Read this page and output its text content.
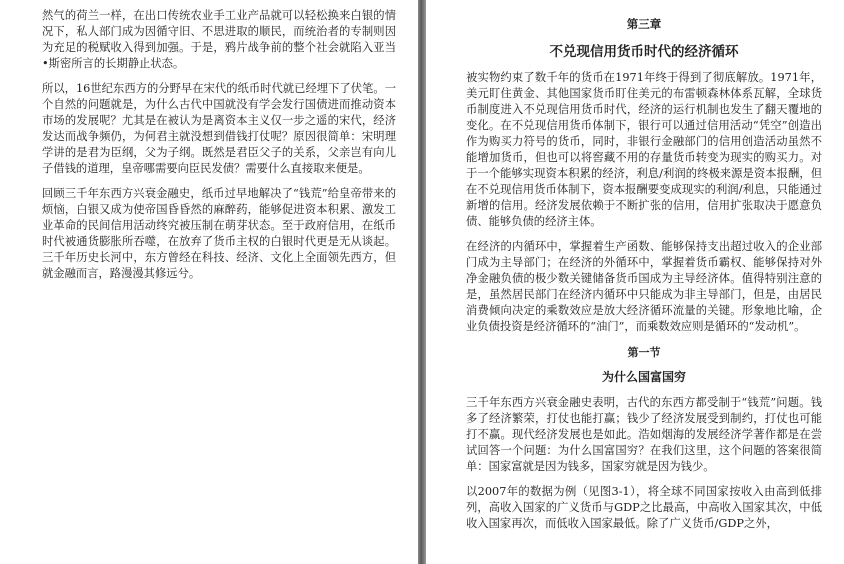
然气的荷兰一样，在出口传统农业手工业产品就可以轻松换来白银的情况下，私人部门成为因循守旧、不思进取的顺民，而统治者的专制则因为充足的税赋收入得到加强。于是，鸦片战争前的整个社会就陷入亚当•斯密所言的长期静止状态。

所以，16世纪东西方的分野早在宋代的纸币时代就已经埋下了伏笔。一个自然的问题就是，为什么古代中国就没有学会发行国债进而推动资本市场的发展呢？尤其是在被认为是离资本主义仅一步之遥的宋代，经济发达而战争频仍，为何君主就没想到借钱打仗呢？原因很简单：宋明理学讲的是君为臣纲，父为子纲。既然是君臣父子的关系，父亲岂有向儿子借钱的道理，皇帝哪需要向臣民发债？需要什么直接取来便是。

回顾三千年东西方兴衰金融史，纸币过早地解决了“钱荒”给皇帝带来的烦恼，白银又成为使帝国昏昏然的麻醉药，能够促进资本积累、激发工业革命的民间信用活动终究被压制在萌芽状态。至于政府信用，在纸币时代被通货膨胀所吞噬，在放弃了货币主权的白银时代更是无从谈起。三千年历史长河中，东方曾经在科技、经济、文化上全面领先西方，但就金融而言，路漫漫其修远兮。

第三章
不兑现信用货币时代的经济循环

被实物约束了数千年的货币在1971年终于得到了彻底解放。1971年，美元盯住黄金、其他国家货币盯住美元的布雷顿森林体系瓦解，全球货币制度进入不兑现信用货币时代，经济的运行机制也发生了翻天覆地的变化。在不兑现信用货币体制下，银行可以通过信用活动“凭空”创造出作为购买力符号的货币，同时，非银行金融部门的信用创造活动虽然不能增加货币，但也可以将窖藏不用的存量货币转变为现实的购买力。对于一个能够实现资本积累的经济，利息/利润的终极来源是资本报酬，但在不兑现信用货币体制下，资本报酬要变成现实的利润/利息，只能通过新增的信用。经济发展依赖于不断扩张的信用，信用扩张取决于愿意负债、能够负债的经济主体。

在经济的内循环中，掌握着生产函数、能够保持支出超过收入的企业部门成为主导部门；在经济的外循环中，掌握着货币霸权、能够保持对外净金融负债的极少数关键储备货币国成为主导经济体。值得特别注意的是，虽然居民部门在经济内循环中只能成为非主导部门，但是，由居民消费倾向决定的乘数效应是放大经济循环流量的关键。形象地比喻，企业负债投资是经济循环的“油门”，而乘数效应则是循环的“发动机”。

第一节
为什么国富国穷

三千年东西方兴衰金融史表明，古代的东西方都受制于“钱荒”问题。钱多了经济繁荣，打仗也能打赢；钱少了经济发展受到制约，打仗也可能打不赢。现代经济发展也是如此。浩如烟海的发展经济学著作都是在尝试回答一个问题：为什么国富国穷？在我们这里，这个问题的答案很简单：国家富就是因为钱多，国家穷就是因为钱少。

以2007年的数据为例（见图3-1），将全球不同国家按收入由高到低排列，高收入国家的广义货币与GDP之比最高，中高收入国家其次，中低收入国家再次，而低收入国家最低。除了广义货币/GDP之外，
